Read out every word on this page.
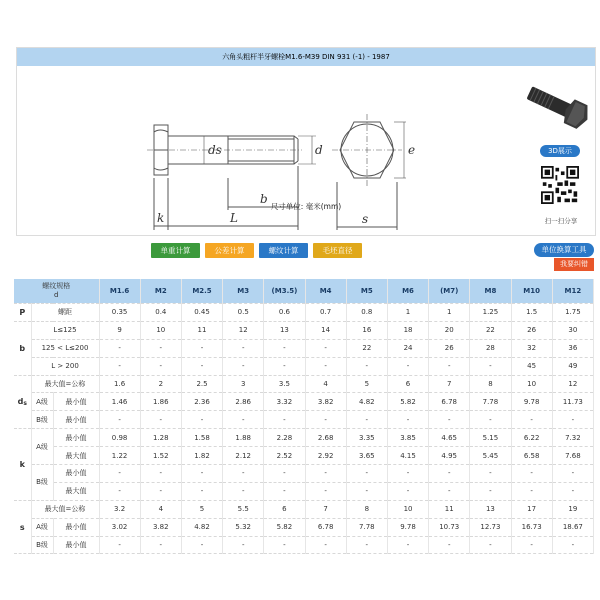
六角头粗杆半牙螺栓M1.6-M39 DIN 931 (-1) - 1987
ds	d	e
b
k	L	s
尺寸单位: 毫米(mm)
3D展示
扫一扫分享
单重计算	公差计算	螺纹计算	毛坯直径	单位换算工具
我要纠错
螺纹规格
d			M1.6	M2	M2.5	M3	(M3.5)	M4	M5	M6	(M7)	M8	M10	M12
P	螺距		0.35	0.4	0.45	0.5	0.6	0.7	0.8	1	1	1.25	1.5	1.75
b	L≤125		9	10	11	12	13	14	16	18	20	22	26	30
	125 < L≤200		-	-	-	-	-	-	22	24	26	28	32	36
	L > 200		-	-	-	-	-	-	-	-	-	-	45	49
ds	最大值=公称		1.6	2	2.5	3	3.5	4	5	6	7	8	10	12
	A级	最小值	1.46	1.86	2.36	2.86	3.32	3.82	4.82	5.82	6.78	7.78	9.78	11.73
	B级	最小值	-	-	-	-	-	-	-	-	-	-	-	-
k	A级	最小值	0.98	1.28	1.58	1.88	2.28	2.68	3.35	3.85	4.65	5.15	6.22	7.32
		最大值	1.22	1.52	1.82	2.12	2.52	2.92	3.65	4.15	4.95	5.45	6.58	7.68
	B级	最小值	-	-	-	-	-	-	-	-	-	-	-	-
		最大值	-	-	-	-	-	-	-	-	-	-	-	-
s	最大值=公称		3.2	4	5	5.5	6	7	8	10	11	13	17	19
	A级	最小值	3.02	3.82	4.82	5.32	5.82	6.78	7.78	9.78	10.73	12.73	16.73	18.67
	B级	最小值	-	-	-	-	-	-	-	-	-	-	-	-
